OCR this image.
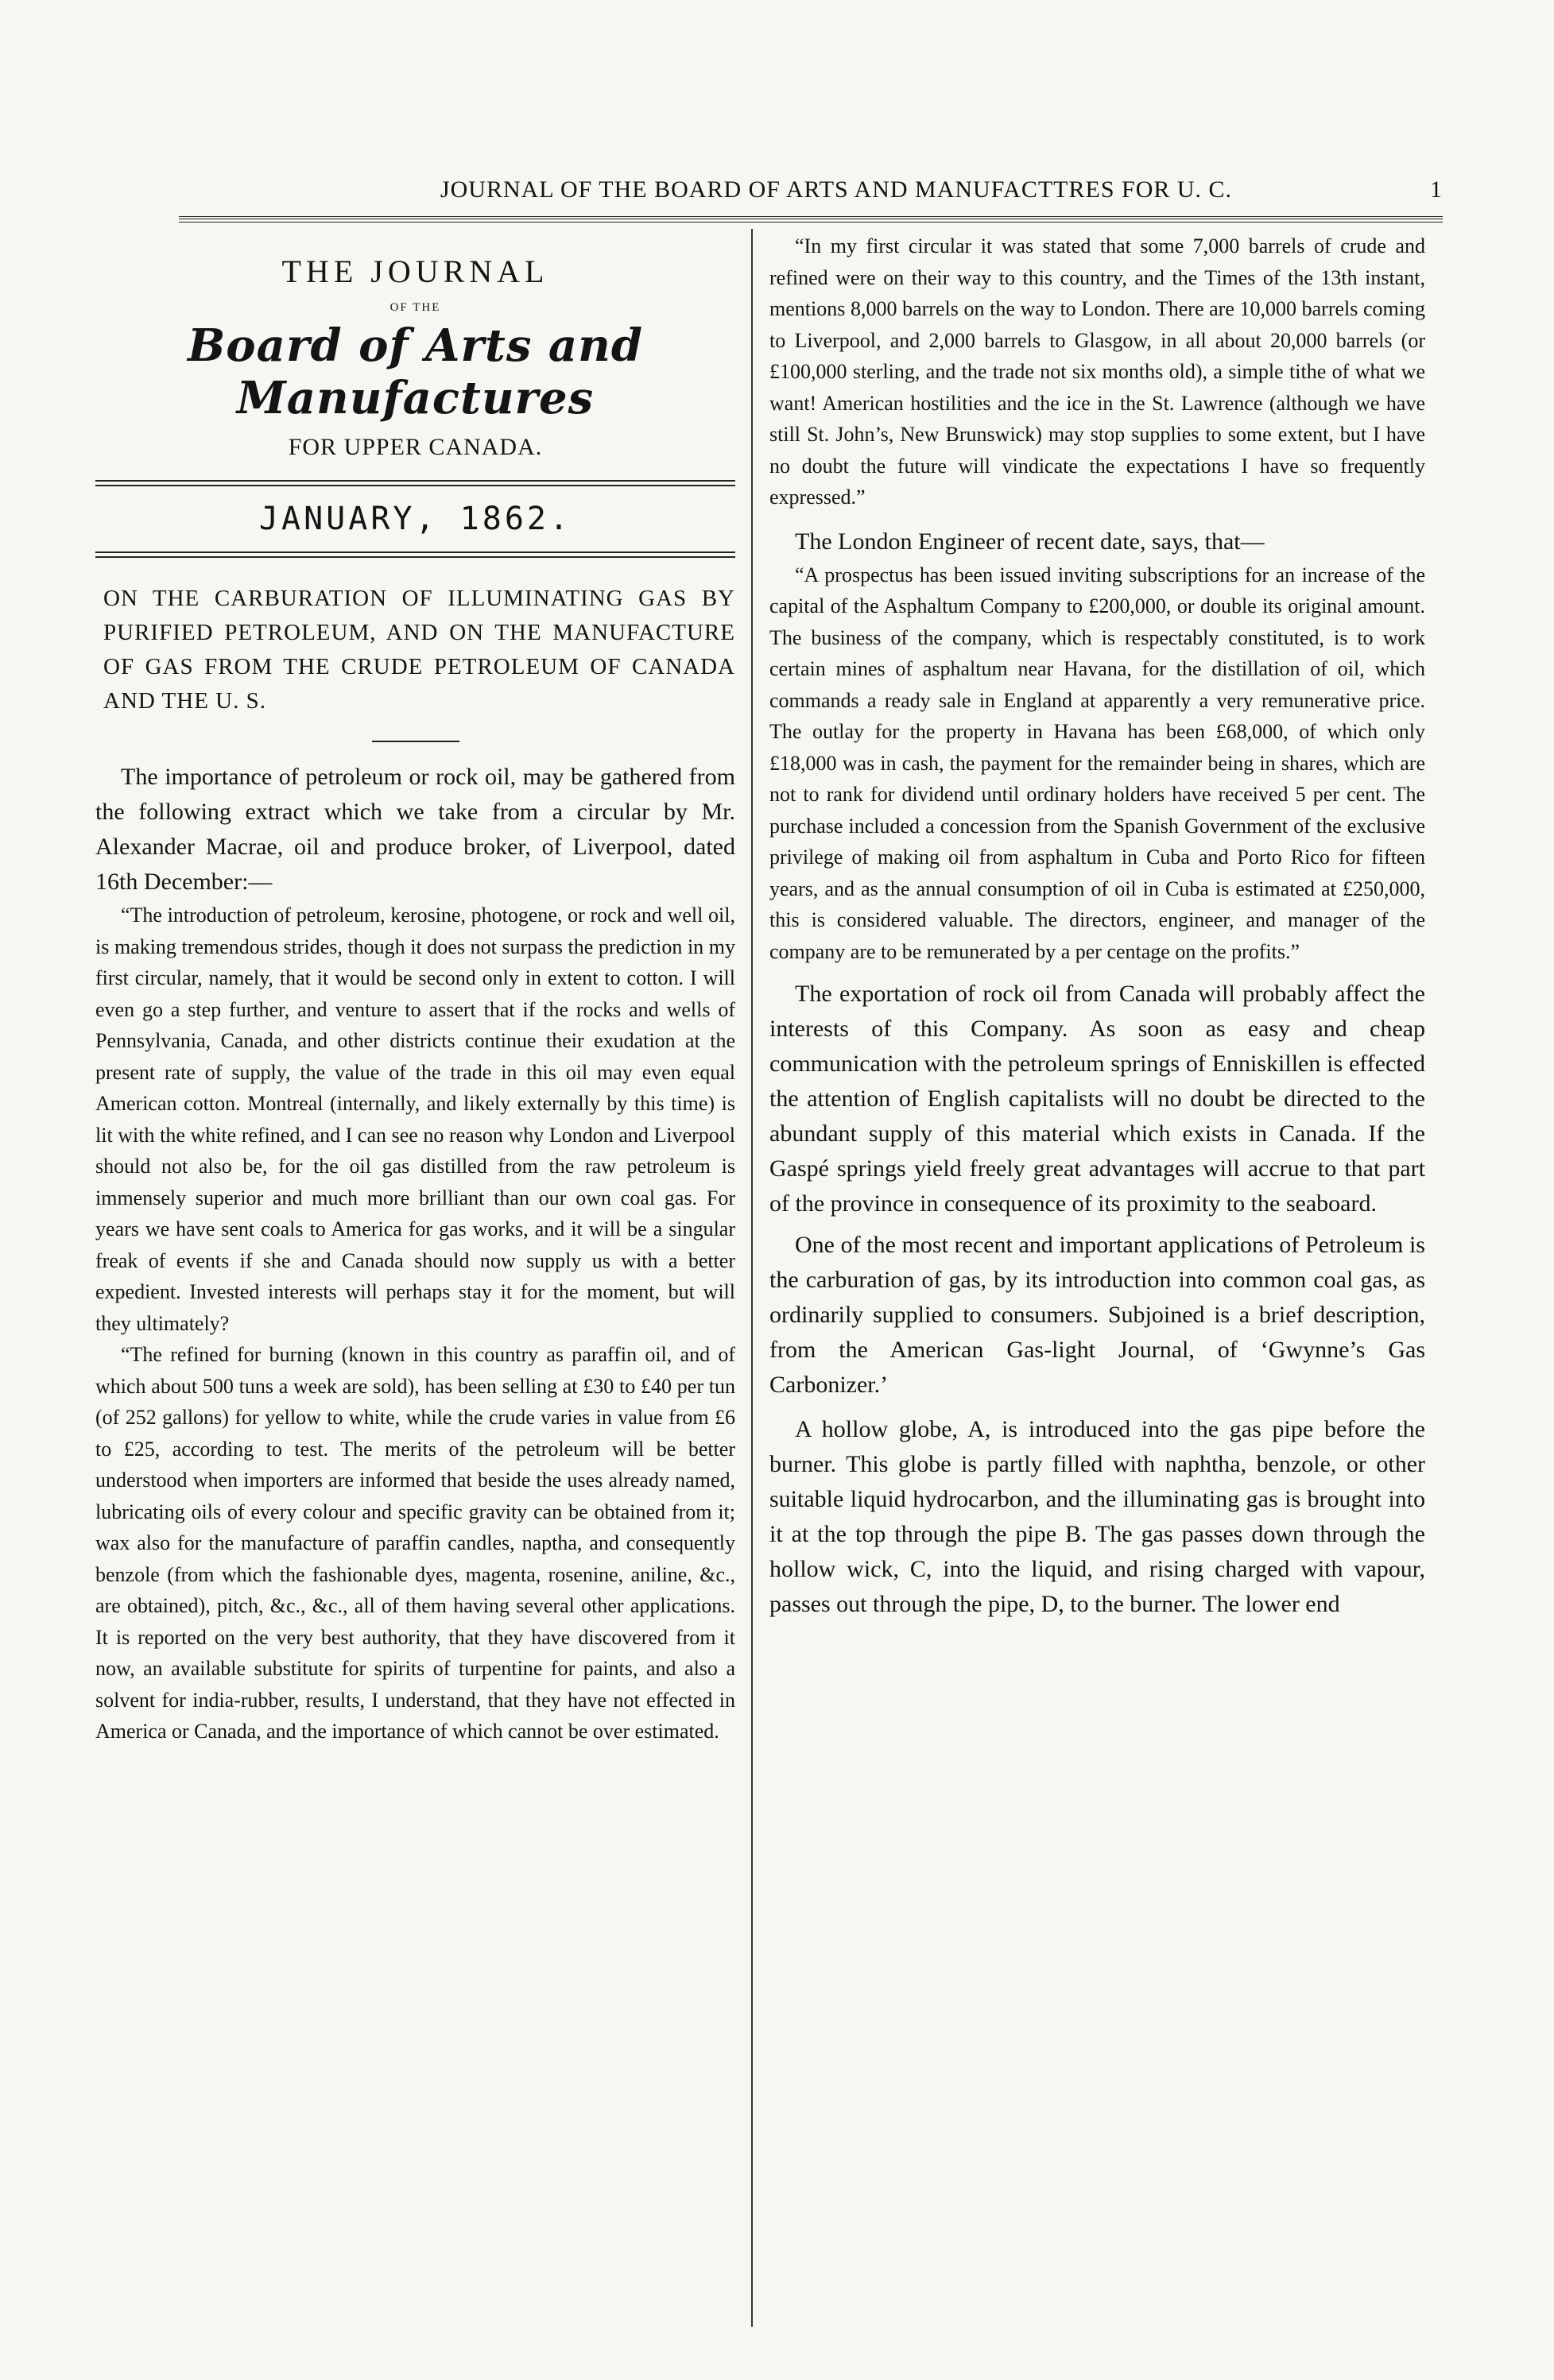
JOURNAL OF THE BOARD OF ARTS AND MANUFACTTRES FOR U. C.	1
THE JOURNAL
OF THE
Board of Arts and Manufactures
FOR UPPER CANADA.
JANUARY, 1862.
ON THE CARBURATION OF ILLUMINATING GAS BY PURIFIED PETROLEUM, AND ON THE MANUFACTURE OF GAS FROM THE CRUDE PETROLEUM OF CANADA AND THE U. S.

The importance of petroleum or rock oil, may be gathered from the following extract which we take from a circular by Mr. Alexander Macrae, oil and produce broker, of Liverpool, dated 16th December:—

“The introduction of petroleum, kerosine, photogene, or rock and well oil, is making tremendous strides, though it does not surpass the prediction in my first circular, namely, that it would be second only in extent to cotton. I will even go a step further, and venture to assert that if the rocks and wells of Pennsylvania, Canada, and other districts continue their exudation at the present rate of supply, the value of the trade in this oil may even equal American cotton. Montreal (internally, and likely externally by this time) is lit with the white refined, and I can see no reason why London and Liverpool should not also be, for the oil gas distilled from the raw petroleum is immensely superior and much more brilliant than our own coal gas. For years we have sent coals to America for gas works, and it will be a singular freak of events if she and Canada should now supply us with a better expedient. Invested interests will perhaps stay it for the moment, but will they ultimately?

“The refined for burning (known in this country as paraffin oil, and of which about 500 tuns a week are sold), has been selling at £30 to £40 per tun (of 252 gallons) for yellow to white, while the crude varies in value from £6 to £25, according to test. The merits of the petroleum will be better understood when importers are informed that beside the uses already named, lubricating oils of every colour and specific gravity can be obtained from it; wax also for the manufacture of paraffin candles, naptha, and consequently benzole (from which the fashionable dyes, magenta, rosenine, aniline, &c., are obtained), pitch, &c., &c., all of them having several other applications. It is reported on the very best authority, that they have discovered from it now, an available substitute for spirits of turpentine for paints, and also a solvent for india-rubber, results, I understand, that they have not effected in America or Canada, and the importance of which cannot be over estimated.

“In my first circular it was stated that some 7,000 barrels of crude and refined were on their way to this country, and the Times of the 13th instant, mentions 8,000 barrels on the way to London. There are 10,000 barrels coming to Liverpool, and 2,000 barrels to Glasgow, in all about 20,000 barrels (or £100,000 sterling, and the trade not six months old), a simple tithe of what we want! American hostilities and the ice in the St. Lawrence (although we have still St. John’s, New Brunswick) may stop supplies to some extent, but I have no doubt the future will vindicate the expectations I have so frequently expressed.”

The London Engineer of recent date, says, that—

“A prospectus has been issued inviting subscriptions for an increase of the capital of the Asphaltum Company to £200,000, or double its original amount. The business of the company, which is respectably constituted, is to work certain mines of asphaltum near Havana, for the distillation of oil, which commands a ready sale in England at apparently a very remunerative price. The outlay for the property in Havana has been £68,000, of which only £18,000 was in cash, the payment for the remainder being in shares, which are not to rank for dividend until ordinary holders have received 5 per cent. The purchase included a concession from the Spanish Government of the exclusive privilege of making oil from asphaltum in Cuba and Porto Rico for fifteen years, and as the annual consumption of oil in Cuba is estimated at £250,000, this is considered valuable. The directors, engineer, and manager of the company are to be remunerated by a per centage on the profits.”

The exportation of rock oil from Canada will probably affect the interests of this Company. As soon as easy and cheap communication with the petroleum springs of Enniskillen is effected the attention of English capitalists will no doubt be directed to the abundant supply of this material which exists in Canada. If the Gaspé springs yield freely great advantages will accrue to that part of the province in consequence of its proximity to the seaboard.

One of the most recent and important applications of Petroleum is the carburation of gas, by its introduction into common coal gas, as ordinarily supplied to consumers. Subjoined is a brief description, from the American Gas-light Journal, of ‘Gwynne’s Gas Carbonizer.’

A hollow globe, A, is introduced into the gas pipe before the burner. This globe is partly filled with naphtha, benzole, or other suitable liquid hydrocarbon, and the illuminating gas is brought into it at the top through the pipe B. The gas passes down through the hollow wick, C, into the liquid, and rising charged with vapour, passes out through the pipe, D, to the burner. The lower end
